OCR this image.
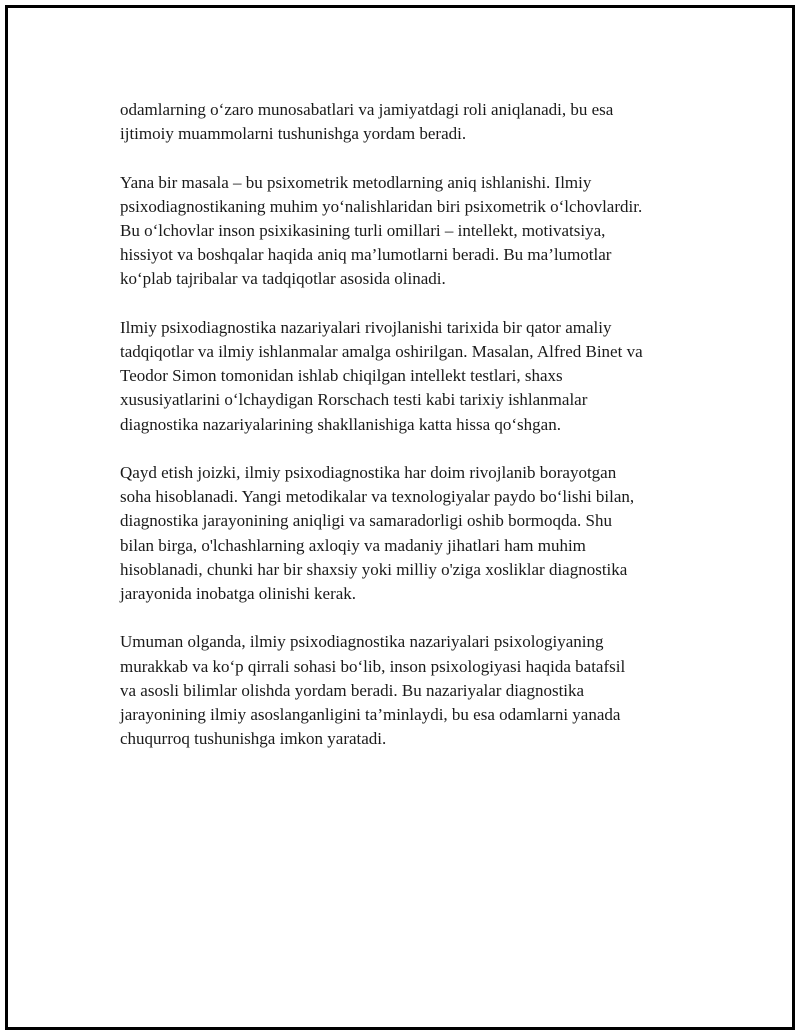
odamlarning o‘zaro munosabatlari va jamiyatdagi roli aniqlanadi, bu esa
ijtimoiy muammolarni tushunishga yordam beradi.

Yana bir masala – bu psixometrik metodlarning aniq ishlanishi. Ilmiy
psixodiagnostikaning muhim yo‘nalishlaridan biri psixometrik o‘lchovlardir.
Bu o‘lchovlar inson psixikasining turli omillari – intellekt, motivatsiya,
hissiyot va boshqalar haqida aniq ma’lumotlarni beradi. Bu ma’lumotlar
ko‘plab tajribalar va tadqiqotlar asosida olinadi.

Ilmiy psixodiagnostika nazariyalari rivojlanishi tarixida bir qator amaliy
tadqiqotlar va ilmiy ishlanmalar amalga oshirilgan. Masalan, Alfred Binet va
Teodor Simon tomonidan ishlab chiqilgan intellekt testlari, shaxs
xususiyatlarini o‘lchaydigan Rorschach testi kabi tarixiy ishlanmalar
diagnostika nazariyalarining shakllanishiga katta hissa qo‘shgan.

Qayd etish joizki, ilmiy psixodiagnostika har doim rivojlanib borayotgan
soha hisoblanadi. Yangi metodikalar va texnologiyalar paydo bo‘lishi bilan,
diagnostika jarayonining aniqligi va samaradorligi oshib bormoqda. Shu
bilan birga, o'lchashlarning axloqiy va madaniy jihatlari ham muhim
hisoblanadi, chunki har bir shaxsiy yoki milliy o'ziga xosliklar diagnostika
jarayonida inobatga olinishi kerak.

Umuman olganda, ilmiy psixodiagnostika nazariyalari psixologiyaning
murakkab va ko‘p qirrali sohasi bo‘lib, inson psixologiyasi haqida batafsil
va asosli bilimlar olishda yordam beradi. Bu nazariyalar diagnostika
jarayonining ilmiy asoslanganligini ta’minlaydi, bu esa odamlarni yanada
chuqurroq tushunishga imkon yaratadi.
